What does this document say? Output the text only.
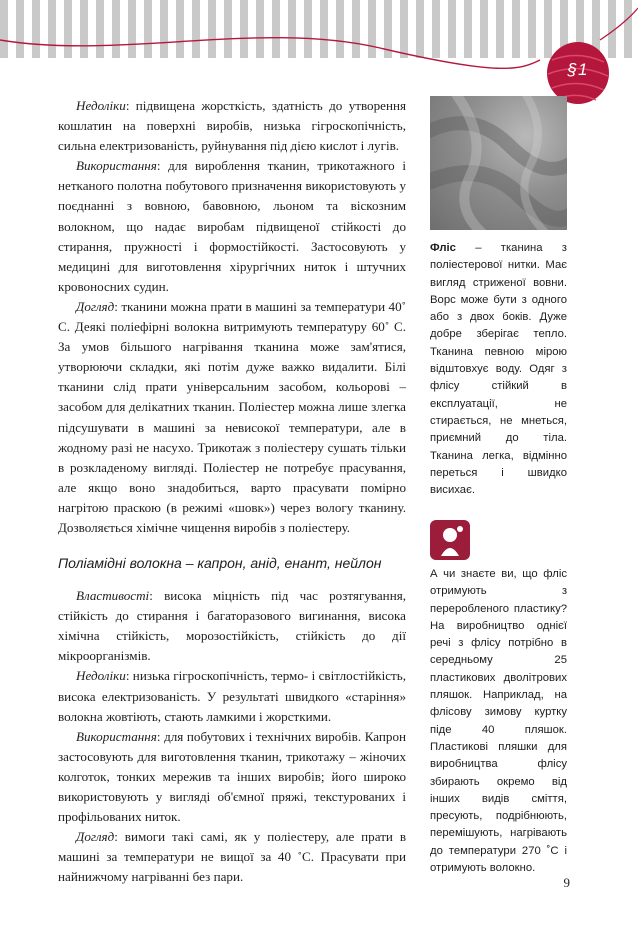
§1

Недоліки: підвищена жорсткість, здатність до утворення кошлатин на поверхні виробів, низька гігроскопічність, сильна електризованість, руйнування під дією кислот і лугів.

Використання: для вироблення тканин, трикотажного і нетканого полотна побутового призначення використовують у поєднанні з вовною, бавовною, льоном та віскозним волокном, що надає виробам підвищеної стійкості до стирання, пружності і формостійкості. Застосовують у медицині для виготовлення хірургічних ниток і штучних кровоносних судин.

Догляд: тканини можна прати в машині за температури 40˚ С. Деякі поліефірні волокна витримують температуру 60˚ С. За умов більшого нагрівання тканина може зам'ятися, утворюючи складки, які потім дуже важко видалити. Білі тканини слід прати універсальним засобом, кольорові – засобом для делікатних тканин. Поліестер можна лише злегка підсушувати в машині за невисокої температури, але в жодному разі не насухо. Трикотаж з поліестеру сушать тільки в розкладеному вигляді. Поліестер не потребує прасування, але якщо воно знадобиться, варто прасувати помірно нагрітою праскою (в режимі «шовк») через вологу тканину. Дозволяється хімічне чищення виробів з поліестеру.

Поліамідні волокна – капрон, анід, енант, нейлон

Властивості: висока міцність під час розтягування, стійкість до стирання і багаторазового вигинання, висока хімічна стійкість, морозостійкість, стійкість до дії мікроорганізмів.

Недоліки: низька гігроскопічність, термо- і світлостійкість, висока електризованість. У результаті швидкого «старіння» волокна жовтіють, стають ламкими і жорсткими.

Використання: для побутових і технічних виробів. Капрон застосовують для виготовлення тканин, трикотажу – жіночих колготок, тонких мережив та інших виробів; його широко використовують у вигляді об'ємної пряжі, текстурованих і профільованих ниток.

Догляд: вимоги такі самі, як у поліестеру, але прати в машині за температури не вищої за 40 ˚С. Прасувати при найнижчому нагріванні без пари.

Фліс – тканина з поліестерової нитки. Має вигляд стриженої вовни. Ворс може бути з одного або з двох боків. Дуже добре зберігає тепло. Тканина певною мірою відштовхує воду. Одяг з флісу стійкий в експлуатації, не стирається, не мнеться, приємний до тіла. Тканина легка, відмінно переться і швидко висихає.
А чи знаєте ви, що фліс отримують з переробленого пластику? На виробництво однієї речі з флісу потрібно в середньому 25 пластикових дволітрових пляшок. Наприклад, на флісову зимову куртку піде 40 пляшок. Пластикові пляшки для виробництва флісу збирають окремо від інших видів сміття, пресують, подрібнюють, перемішують, нагрівають до температури 270 ˚С і отримують волокно.
9
